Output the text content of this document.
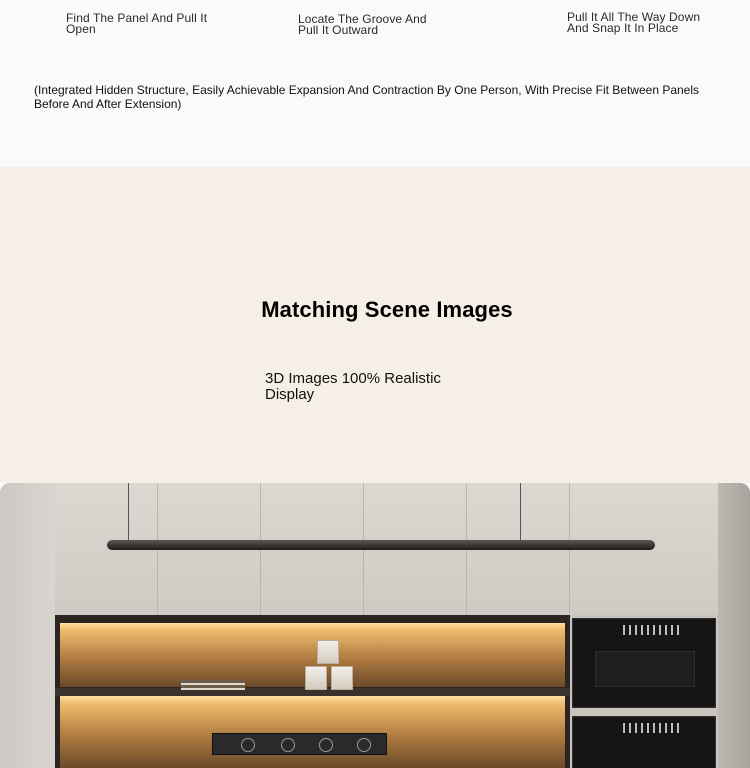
Find The Panel And Pull It Open
Locate The Groove And Pull It Outward
Pull It All The Way Down And Snap It In Place

(Integrated Hidden Structure, Easily Achievable Expansion And Contraction By One Person, With Precise Fit Between Panels Before And After Extension)

Matching Scene Images

3D Images 100% Realistic Display
